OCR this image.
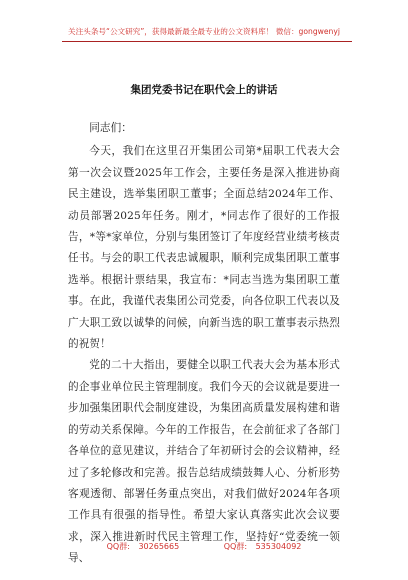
关注头条号“公文研究”，获得最新最全最专业的公文资料库！ 微信：gongwenyj
集团党委书记在职代会上的讲话

同志们：

今天，我们在这里召开集团公司第*届职工代表大会第一次会议暨2025年工作会，主要任务是深入推进协商民主建设，选举集团职工董事；全面总结2024年工作、动员部署2025年任务。刚才，*同志作了很好的工作报告，*等*家单位，分别与集团签订了年度经营业绩考核责任书。与会的职工代表忠诚履职，顺利完成集团职工董事选举。根据计票结果，我宣布：*同志当选为集团职工董事。在此，我谨代表集团公司党委，向各位职工代表以及广大职工致以诚挚的问候，向新当选的职工董事表示热烈的祝贺！

党的二十大指出，要健全以职工代表大会为基本形式的企事业单位民主管理制度。我们今天的会议就是要进一步加强集团职代会制度建设，为集团高质量发展构建和谐的劳动关系保障。今年的工作报告，在会前征求了各部门各单位的意见建议，并结合了年初研讨会的会议精神，经过了多轮修改和完善。报告总结成绩鼓舞人心、分析形势客观透彻、部署任务重点突出，对我们做好2024年各项工作具有很强的指导性。希望大家认真落实此次会议要求，深入推进新时代民主管理工作，坚持好“党委统一领导、

QQ群: 30265665	QQ群: 535304092
